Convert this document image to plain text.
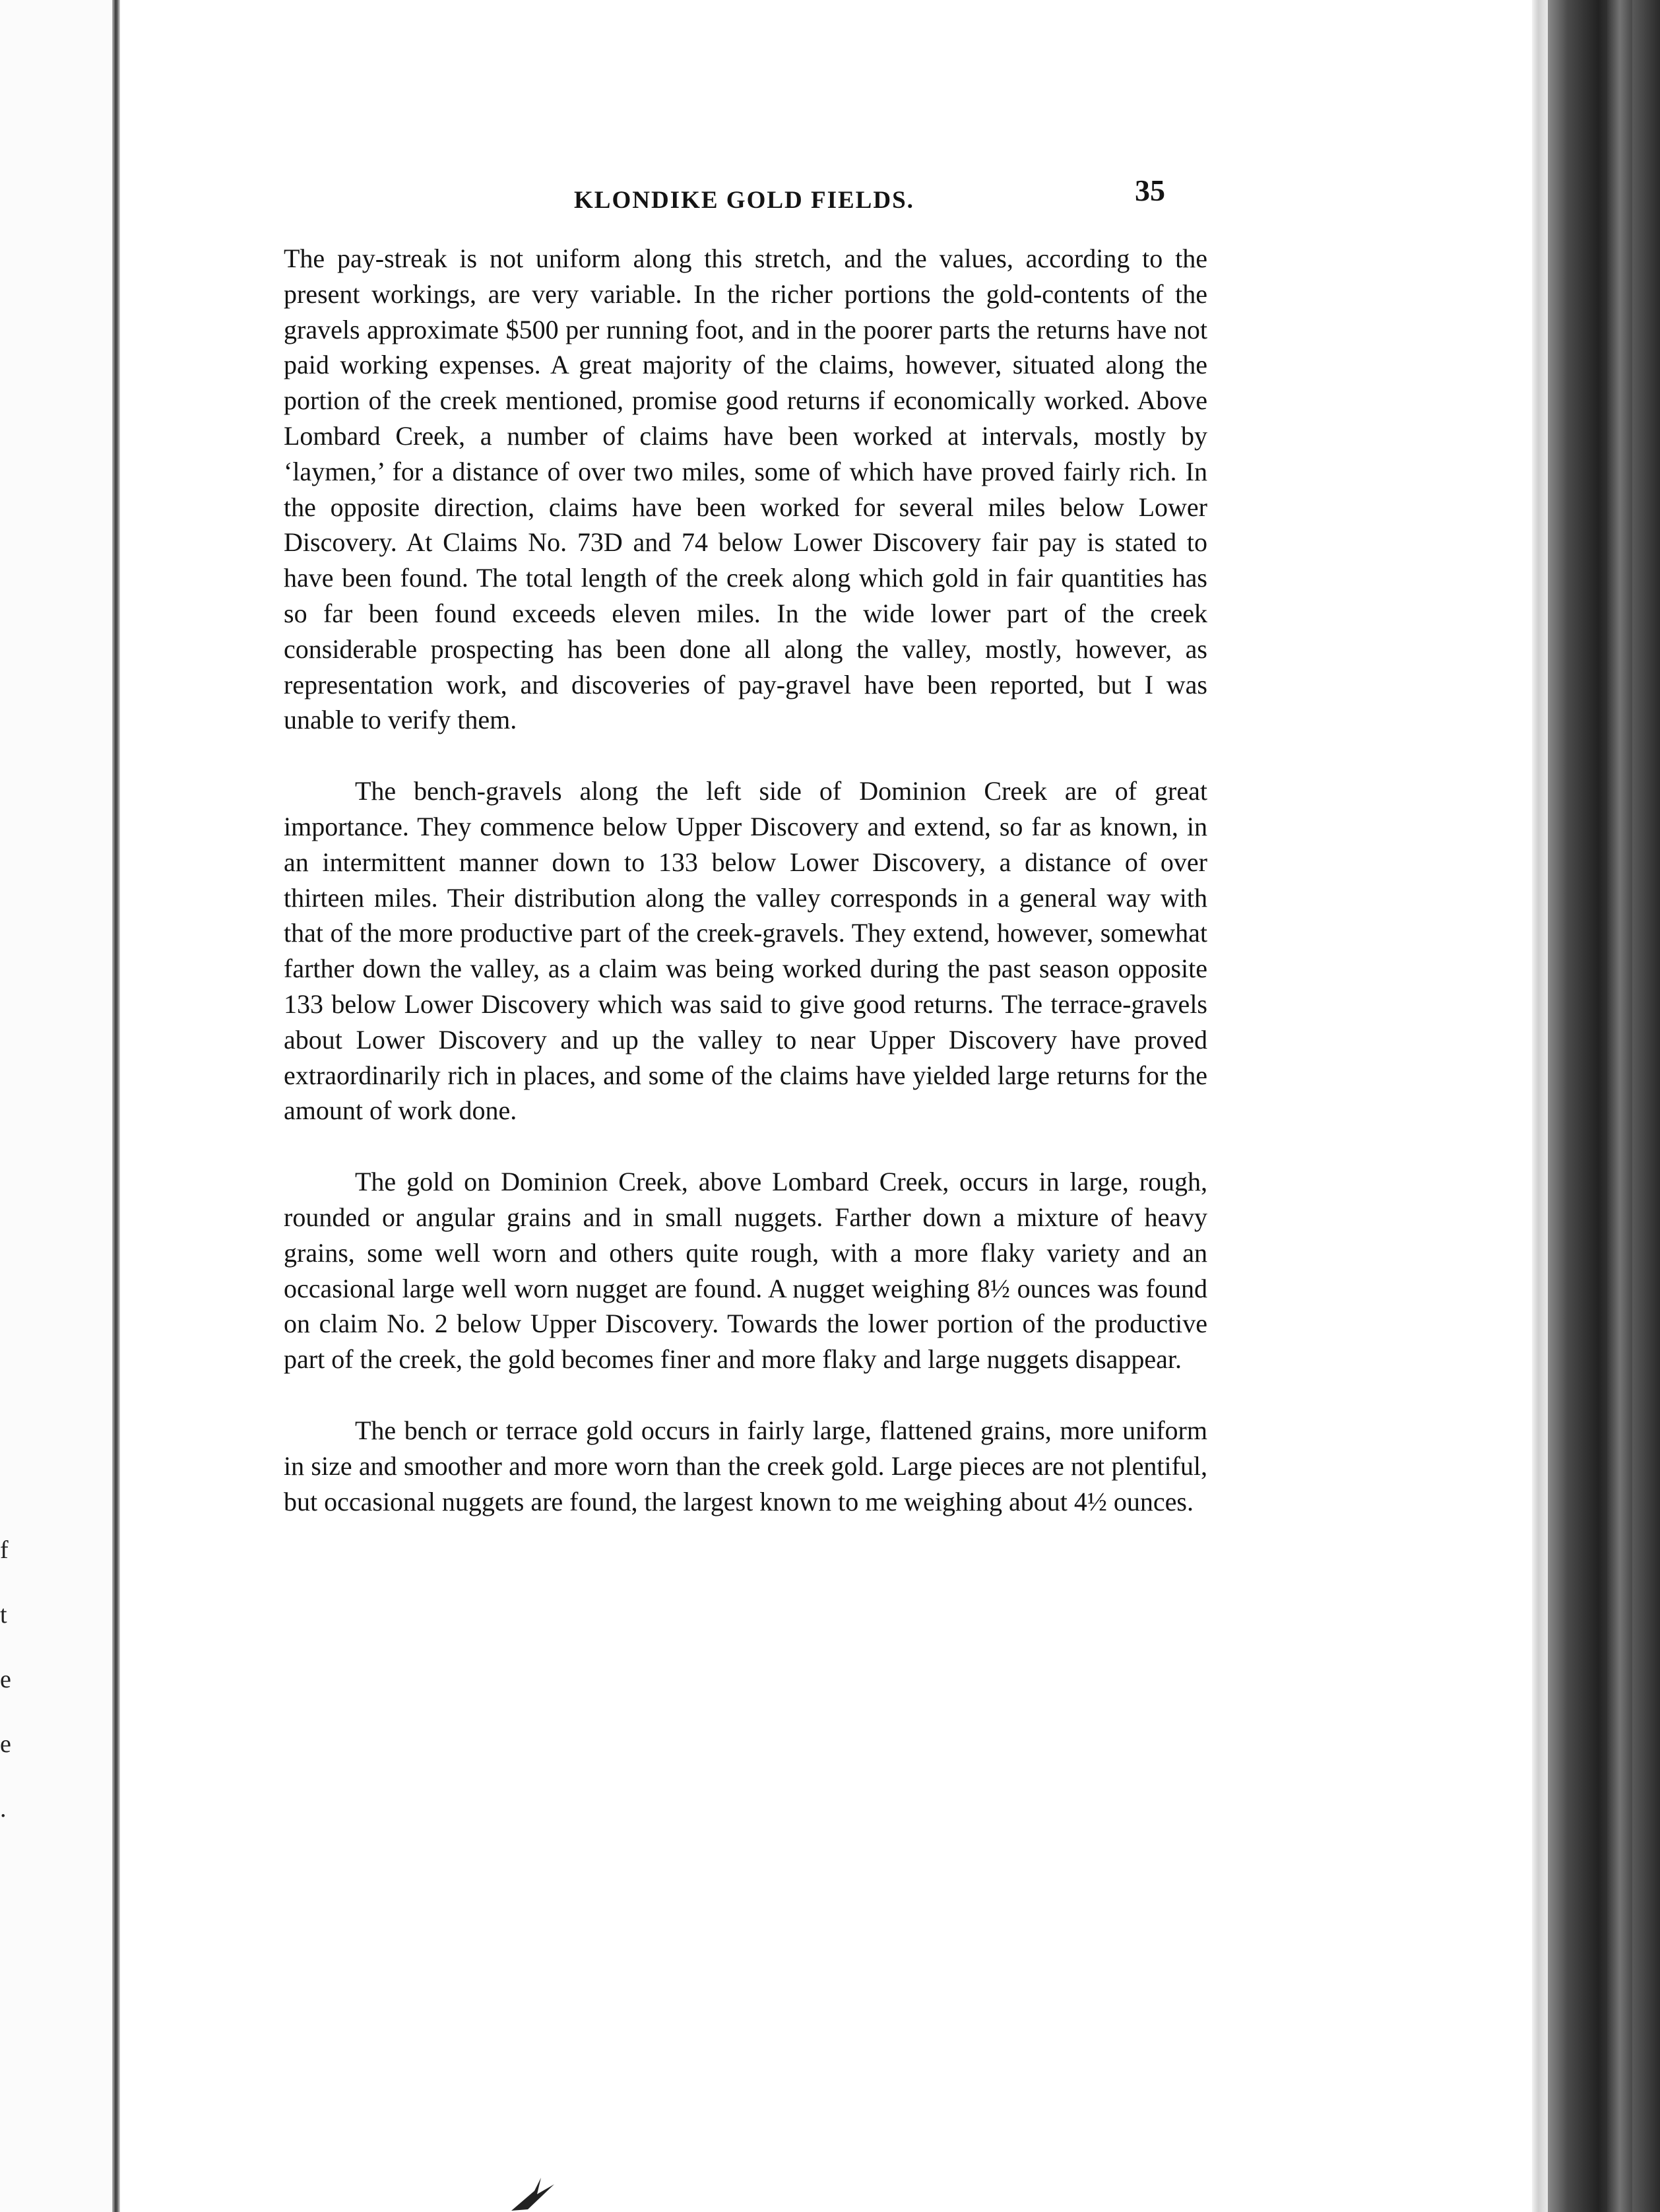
f
t
e
e
.
KLONDIKE GOLD FIELDS.	35

The pay-streak is not uniform along this stretch, and the values, according to the present workings, are very variable. In the richer portions the gold-contents of the gravels approximate $500 per running foot, and in the poorer parts the returns have not paid working expenses. A great majority of the claims, however, situated along the portion of the creek mentioned, promise good returns if economically worked. Above Lombard Creek, a number of claims have been worked at intervals, mostly by ‘laymen,’ for a distance of over two miles, some of which have proved fairly rich. In the opposite direction, claims have been worked for several miles below Lower Discovery. At Claims No. 73D and 74 below Lower Discovery fair pay is stated to have been found. The total length of the creek along which gold in fair quantities has so far been found exceeds eleven miles. In the wide lower part of the creek considerable prospecting has been done all along the valley, mostly, however, as representation work, and discoveries of pay-gravel have been reported, but I was unable to verify them.

The bench-gravels along the left side of Dominion Creek are of great importance. They commence below Upper Discovery and extend, so far as known, in an intermittent manner down to 133 below Lower Discovery, a distance of over thirteen miles. Their distribution along the valley corresponds in a general way with that of the more productive part of the creek-gravels. They extend, however, somewhat farther down the valley, as a claim was being worked during the past season opposite 133 below Lower Discovery which was said to give good returns. The terrace-gravels about Lower Discovery and up the valley to near Upper Discovery have proved extraordinarily rich in places, and some of the claims have yielded large returns for the amount of work done.

The gold on Dominion Creek, above Lombard Creek, occurs in large, rough, rounded or angular grains and in small nuggets. Farther down a mixture of heavy grains, some well worn and others quite rough, with a more flaky variety and an occasional large well worn nugget are found. A nugget weighing 8½ ounces was found on claim No. 2 below Upper Discovery. Towards the lower portion of the productive part of the creek, the gold becomes finer and more flaky and large nuggets disappear.

The bench or terrace gold occurs in fairly large, flattened grains, more uniform in size and smoother and more worn than the creek gold. Large pieces are not plentiful, but occasional nuggets are found, the largest known to me weighing about 4½ ounces.
